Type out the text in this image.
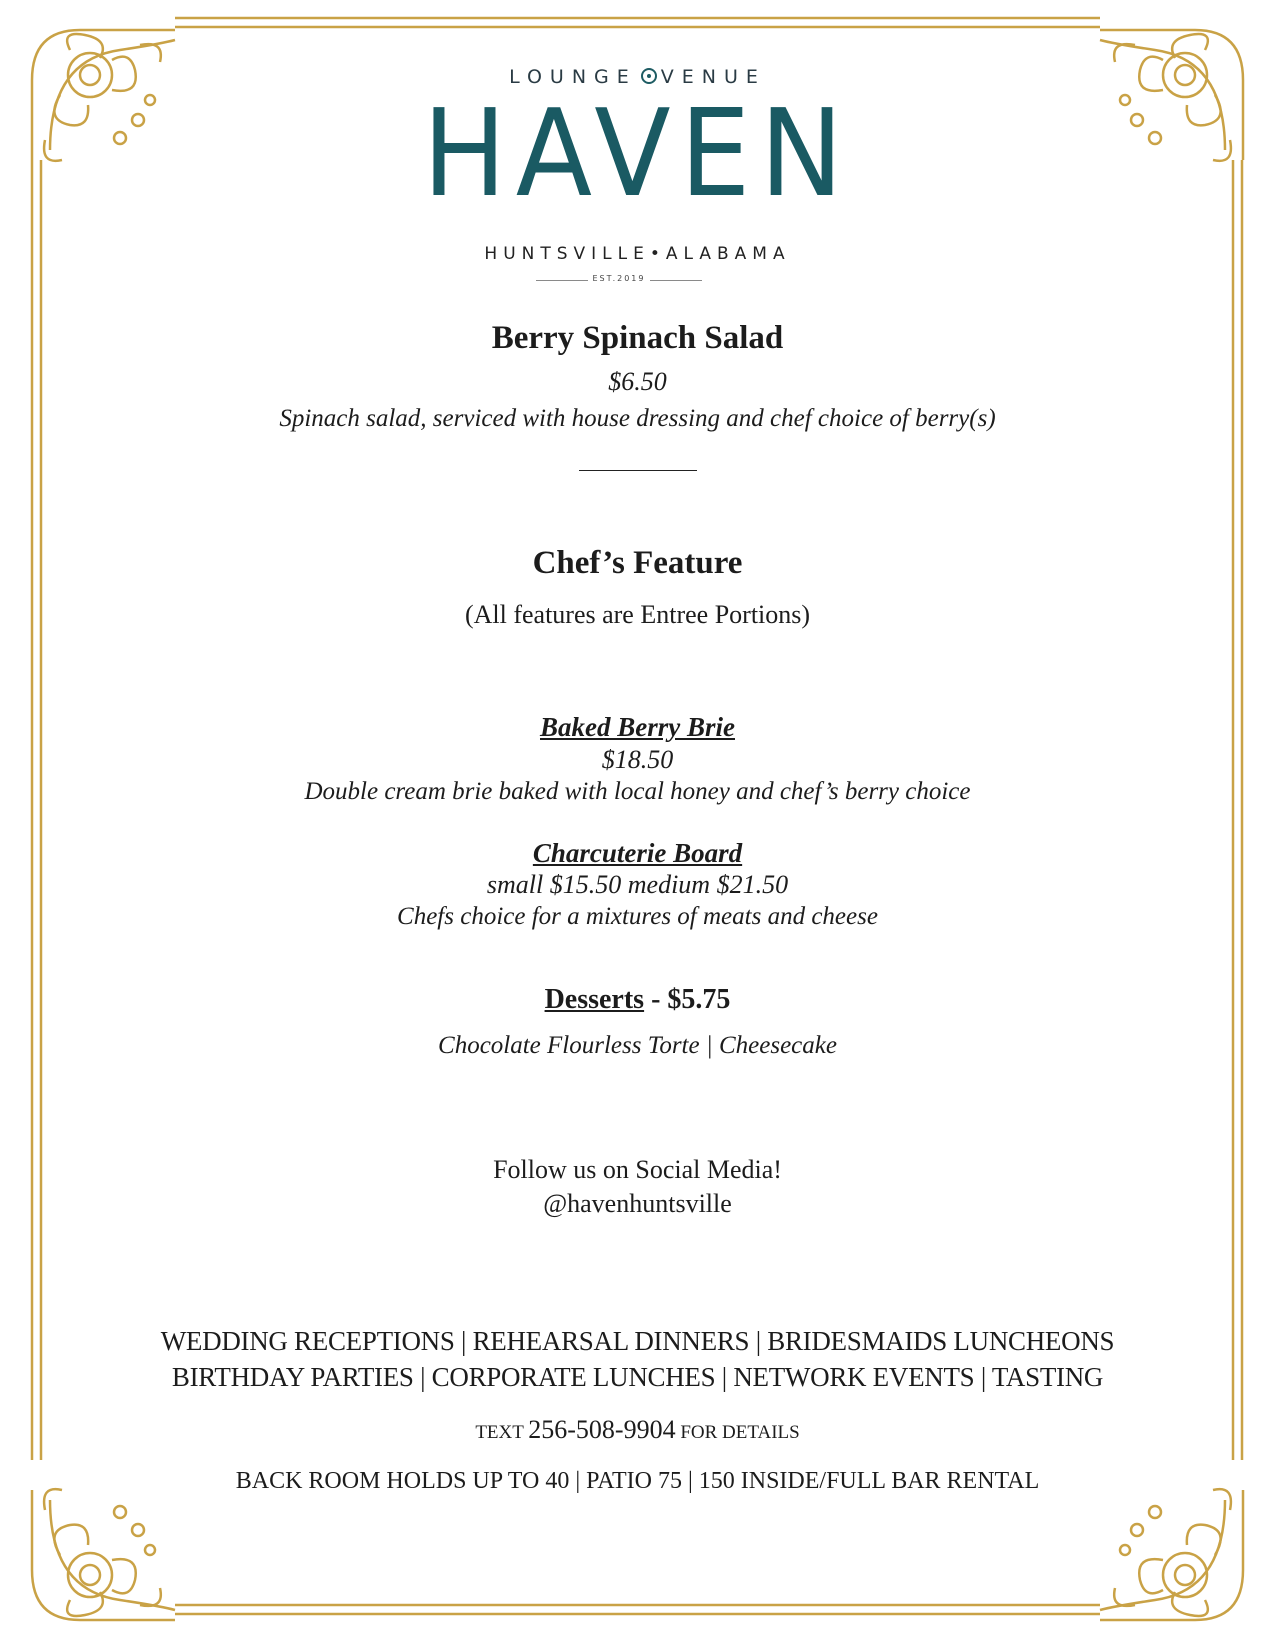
LOUNGE VENUE
HAVEN
HUNTSVILLE•ALABAMA
EST.2019
Berry Spinach Salad
$6.50
Spinach salad, serviced with house dressing and chef choice of berry(s)
Chef’s Feature
(All features are Entree Portions)
Baked Berry Brie
$18.50
Double cream brie baked with local honey and chef’s berry choice
Charcuterie Board
small $15.50 medium $21.50
Chefs choice for a mixtures of meats and cheese
Desserts - $5.75
Chocolate Flourless Torte | Cheesecake
Follow us on Social Media!
@havenhuntsville
WEDDING RECEPTIONS | REHEARSAL DINNERS | BRIDESMAIDS LUNCHEONS
BIRTHDAY PARTIES | CORPORATE LUNCHES | NETWORK EVENTS | TASTING
TEXT 256-508-9904 FOR DETAILS
BACK ROOM HOLDS UP TO 40 | PATIO 75 | 150 INSIDE/FULL BAR RENTAL
